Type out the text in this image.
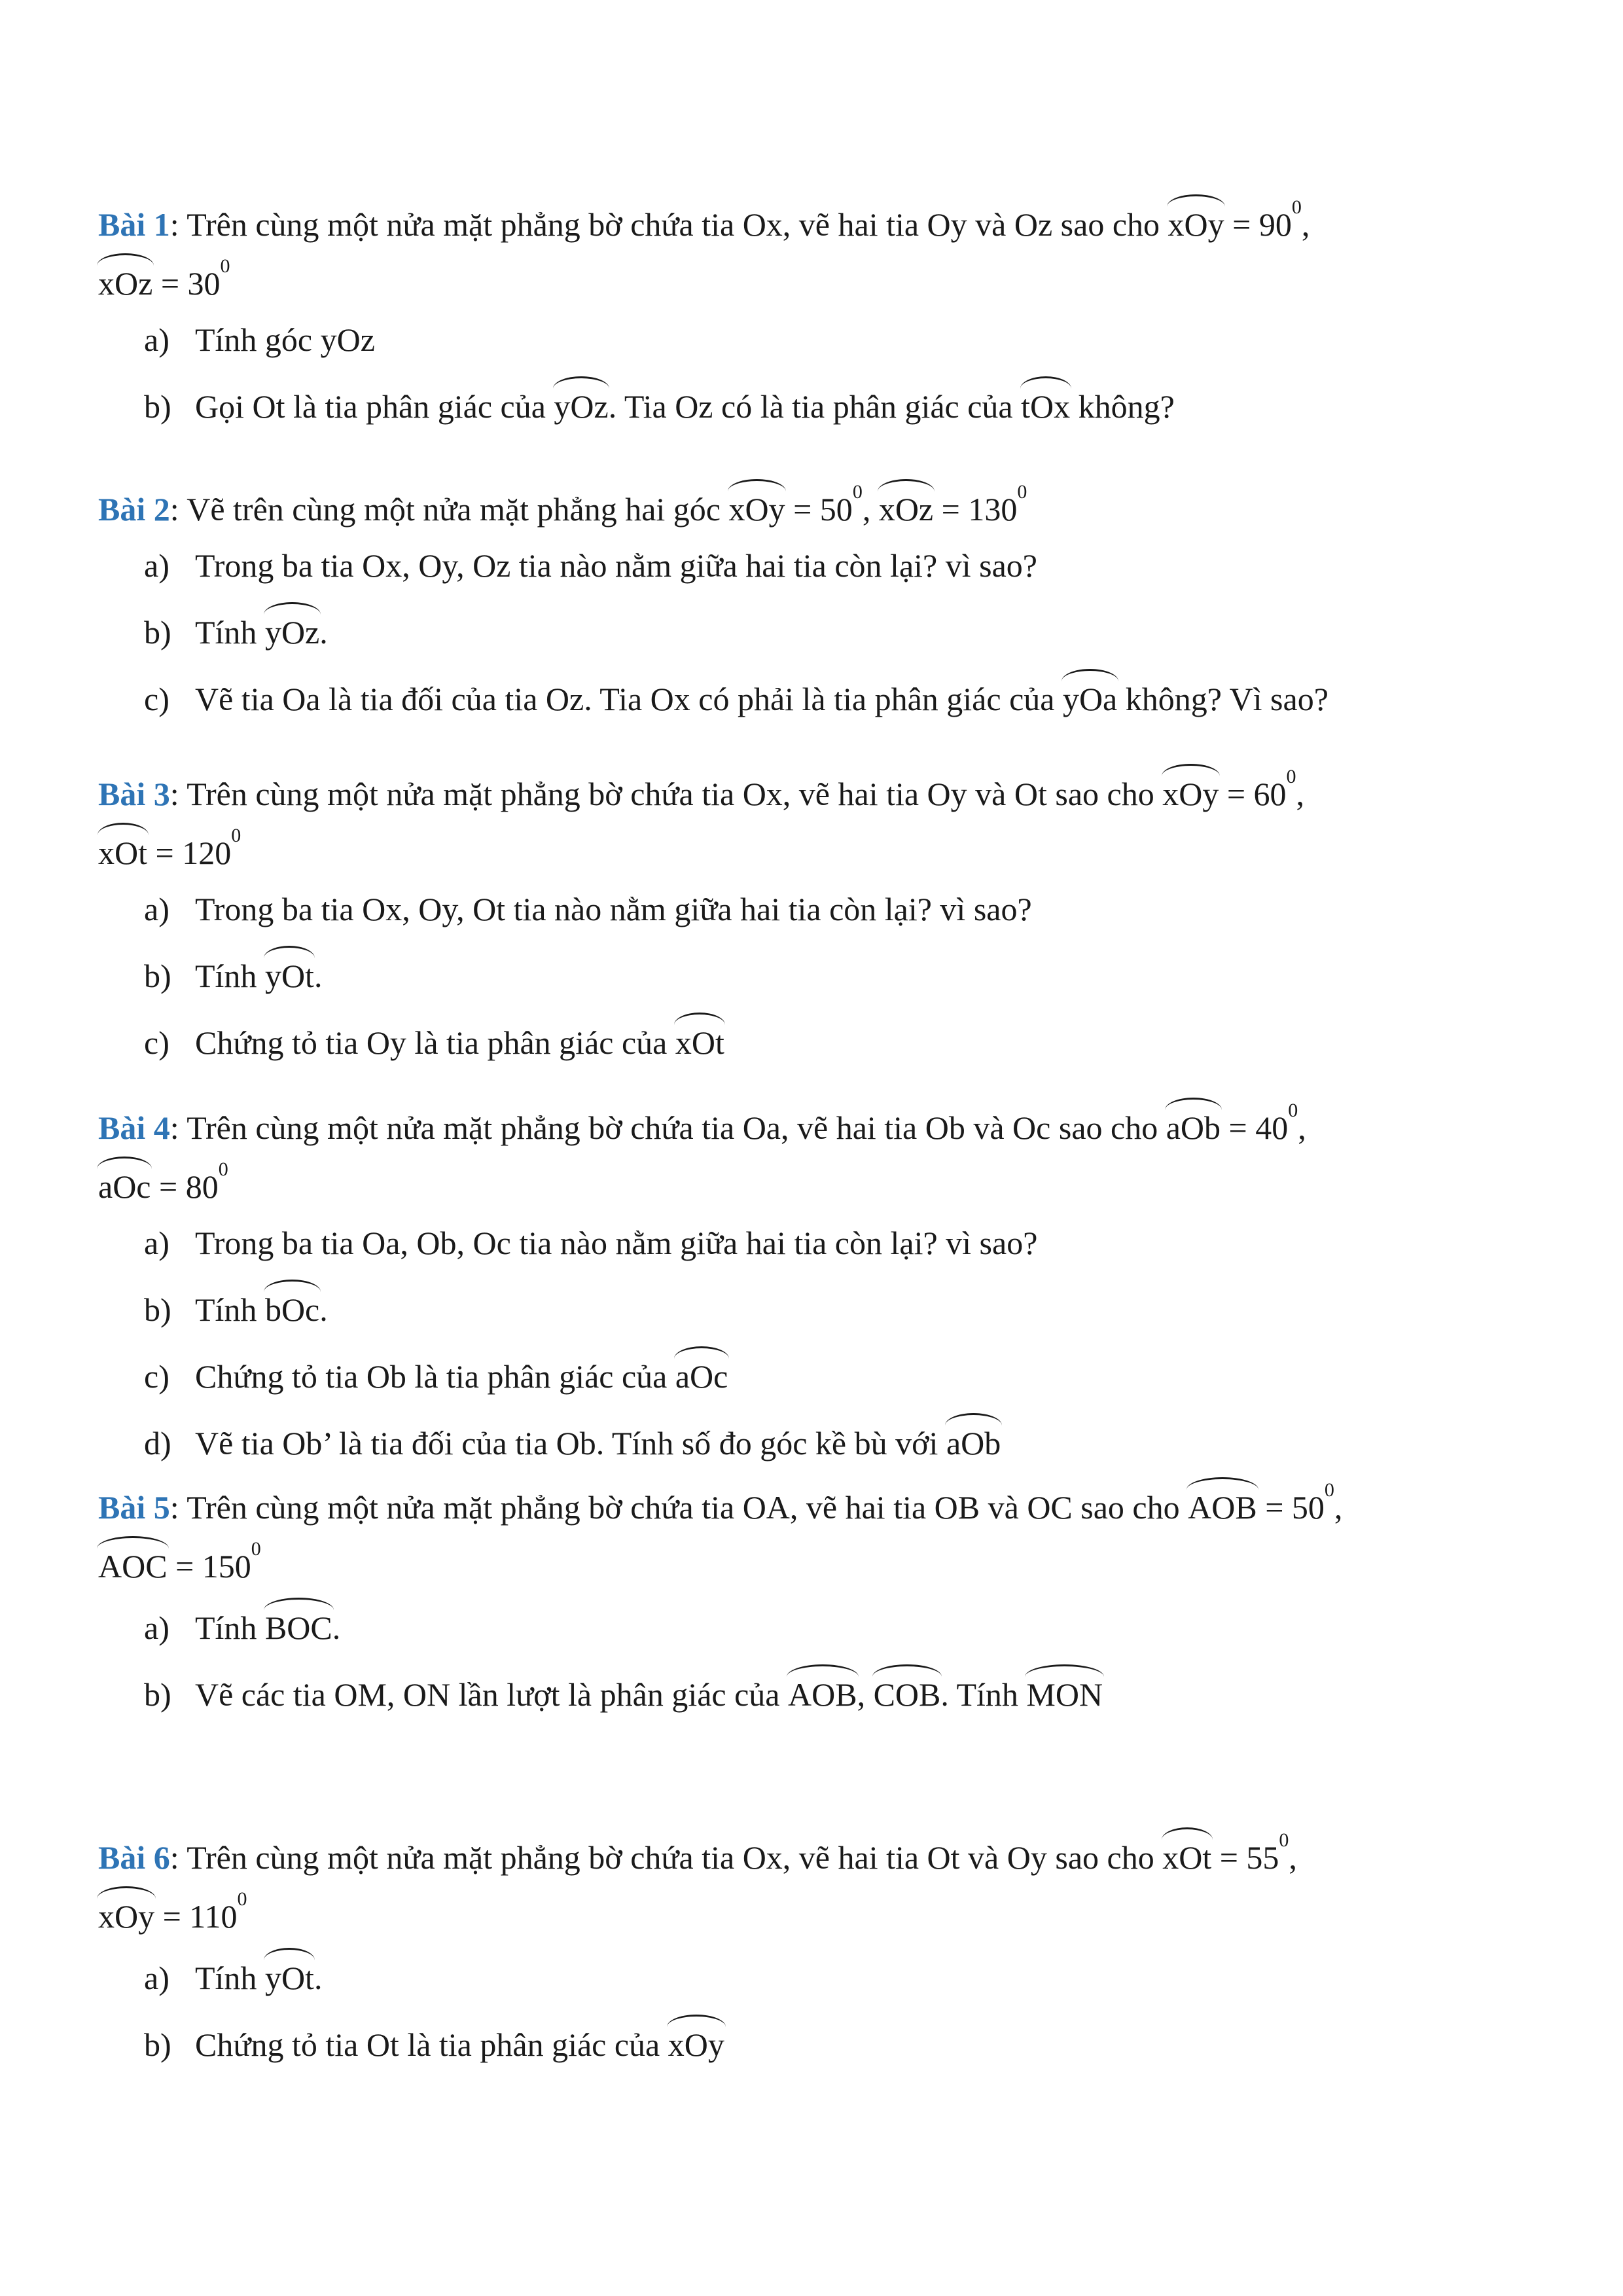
Bài 1: Trên cùng một nửa mặt phẳng bờ chứa tia Ox, vẽ hai tia Oy và Oz sao cho xOy = $90^0$,

xOz = $30^0$

a) Tính góc yOz
b) Gọi Ot là tia phân giác của yOz. Tia Oz có là tia phân giác của tOx không?

Bài 2: Vẽ trên cùng một nửa mặt phẳng hai góc xOy = $50^0$, xOz = $130^0$

a) Trong ba tia Ox, Oy, Oz tia nào nằm giữa hai tia còn lại? vì sao?
b) Tính yOz.
c) Vẽ tia Oa là tia đối của tia Oz. Tia Ox có phải là tia phân giác của yOa không? Vì sao?

Bài 3: Trên cùng một nửa mặt phẳng bờ chứa tia Ox, vẽ hai tia Oy và Ot sao cho xOy = $60^0$,

xOt = $120^0$

a) Trong ba tia Ox, Oy, Ot tia nào nằm giữa hai tia còn lại? vì sao?
b) Tính yOt.
c) Chứng tỏ tia Oy là tia phân giác của xOt

Bài 4: Trên cùng một nửa mặt phẳng bờ chứa tia Oa, vẽ hai tia Ob và Oc sao cho aOb = $40^0$,

aOc = $80^0$

a) Trong ba tia Oa, Ob, Oc tia nào nằm giữa hai tia còn lại? vì sao?
b) Tính bOc.
c) Chứng tỏ tia Ob là tia phân giác của aOc
d) Vẽ tia Ob’ là tia đối của tia Ob. Tính số đo góc kề bù với aOb

Bài 5: Trên cùng một nửa mặt phẳng bờ chứa tia OA, vẽ hai tia OB và OC sao cho AOB = $50^0$,

AOC = $150^0$

a) Tính BOC.
b) Vẽ các tia OM, ON lần lượt là phân giác của AOB, COB. Tính MON

Bài 6: Trên cùng một nửa mặt phẳng bờ chứa tia Ox, vẽ hai tia Ot và Oy sao cho xOt = $55^0$,

xOy = $110^0$

a) Tính yOt.
b) Chứng tỏ tia Ot là tia phân giác của xOy
